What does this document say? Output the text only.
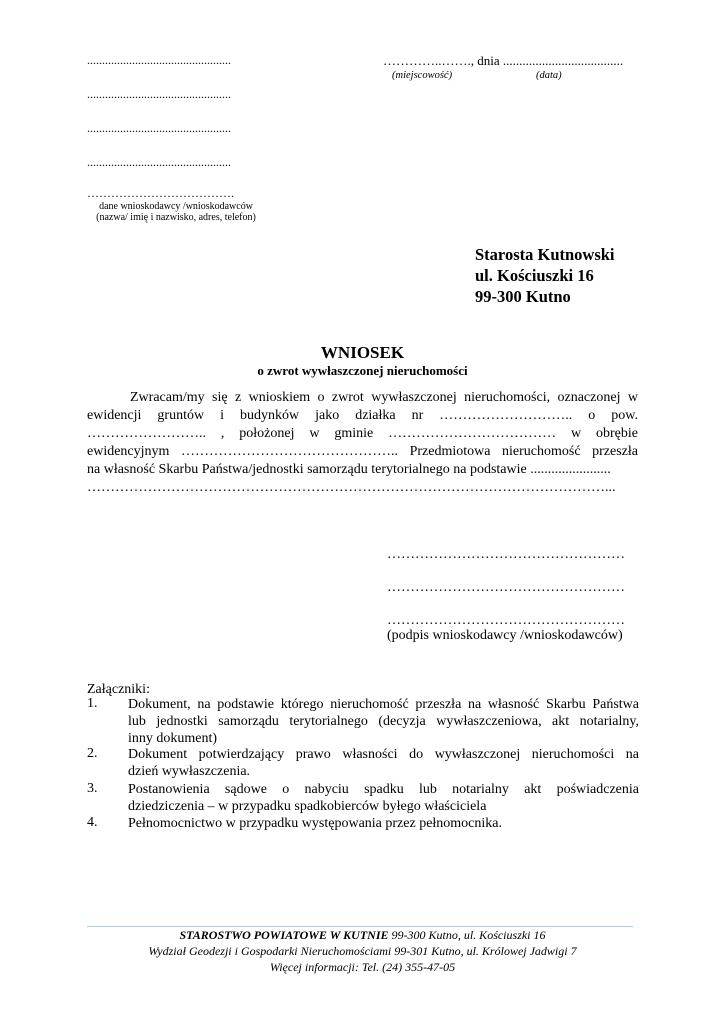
................................................
................................................
................................................
................................................
……………………………….
dane wnioskodawcy /wnioskodawców
(nazwa/ imię i nazwisko, adres, telefon)
…………..……., dnia .....................................
(miejscowość)	(data)
Starosta Kutnowski
ul. Kościuszki 16
99-300 Kutno
WNIOSEK
o zwrot wywłaszczonej nieruchomości
Zwracam/my się z wnioskiem o zwrot wywłaszczonej nieruchomości, oznaczonej w
ewidencji gruntów i budynków jako działka nr ……………………….. o pow.
…………………….. , położonej w gminie ……………………………… w obrębie
ewidencyjnym ……………………………………….. Przedmiotowa nieruchomość przeszła
na własność Skarbu Państwa/jednostki samorządu terytorialnego na podstawie .......................
…………………………………………………………………………………………………...
……………………………………………
……………………………………………
……………………………………………
(podpis wnioskodawcy /wnioskodawców)
Załączniki:
1. Dokument, na podstawie którego nieruchomość przeszła na własność Skarbu Państwa
lub jednostki samorządu terytorialnego (decyzja wywłaszczeniowa, akt notarialny,
inny dokument)
2. Dokument potwierdzający prawo własności do wywłaszczonej nieruchomości na
dzień wywłaszczenia.
3. Postanowienia sądowe o nabyciu spadku lub notarialny akt poświadczenia
dziedziczenia – w przypadku spadkobierców byłego właściciela
4. Pełnomocnictwo w przypadku występowania przez pełnomocnika.
STAROSTWO POWIATOWE W KUTNIE 99-300 Kutno, ul. Kościuszki 16
Wydział Geodezji i Gospodarki Nieruchomościami 99-301 Kutno, ul. Królowej Jadwigi 7
Więcej informacji: Tel. (24) 355-47-05
